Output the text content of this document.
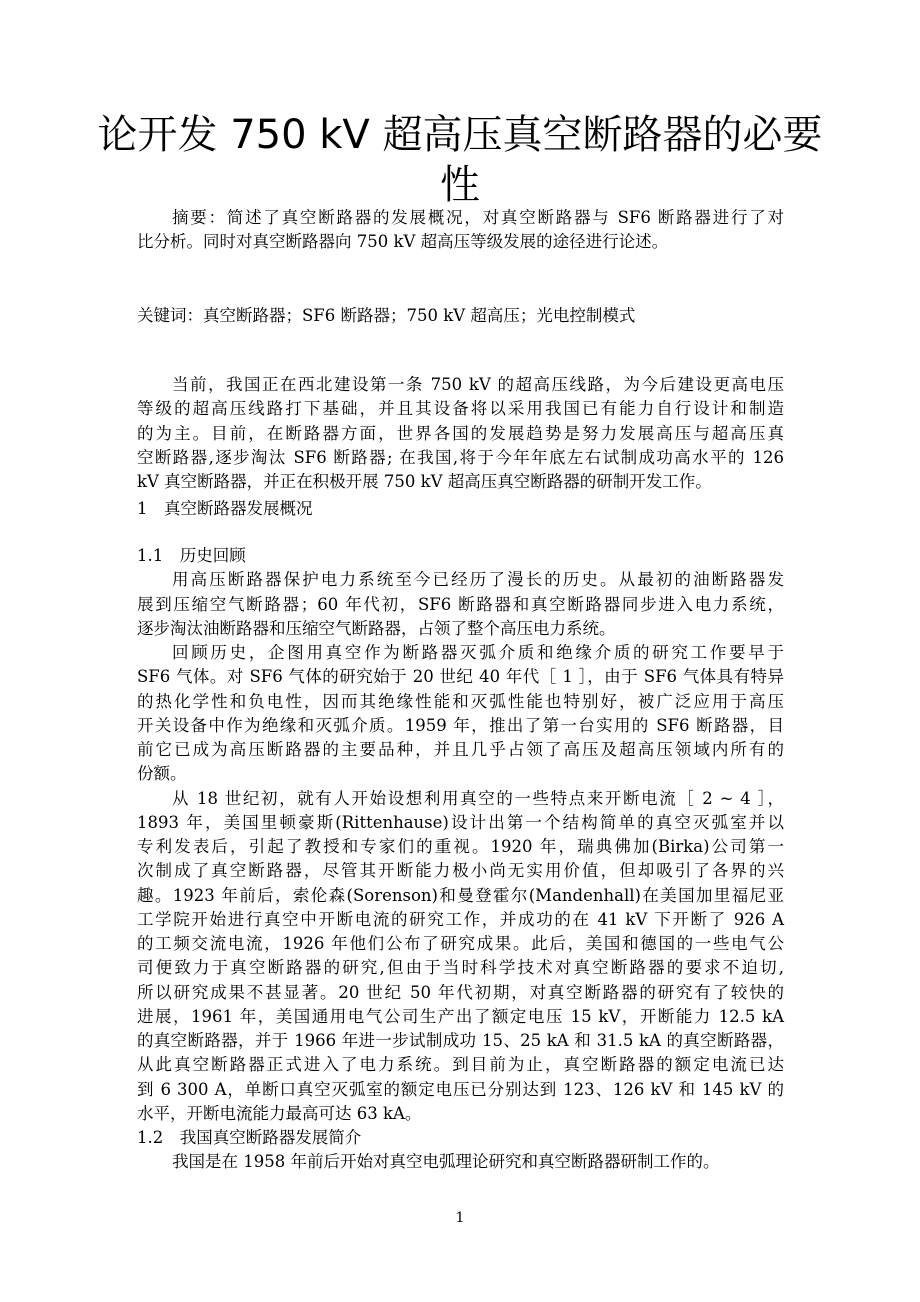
论开发 750 kV 超高压真空断路器的必要
性
摘要：简述了真空断路器的发展概况，对真空断路器与 SF6 断路器进行了对
比分析。同时对真空断路器向 750 kV 超高压等级发展的途径进行论述。
关键词：真空断路器；SF6 断路器；750 kV 超高压；光电控制模式
当前，我国正在西北建设第一条 750 kV 的超高压线路，为今后建设更高电压
等级的超高压线路打下基础，并且其设备将以采用我国已有能力自行设计和制造
的为主。目前，在断路器方面，世界各国的发展趋势是努力发展高压与超高压真
空断路器,逐步淘汰 SF6 断路器; 在我国,将于今年年底左右试制成功高水平的 126
kV 真空断路器，并正在积极开展 750 kV 超高压真空断路器的研制开发工作。
1　真空断路器发展概况
1.1　历史回顾
用高压断路器保护电力系统至今已经历了漫长的历史。从最初的油断路器发
展到压缩空气断路器；60 年代初，SF6 断路器和真空断路器同步进入电力系统，
逐步淘汰油断路器和压缩空气断路器，占领了整个高压电力系统。
回顾历史，企图用真空作为断路器灭弧介质和绝缘介质的研究工作要早于
SF6 气体。对 SF6 气体的研究始于 20 世纪 40 年代［ 1 ］，由于 SF6 气体具有特异
的热化学性和负电性，因而其绝缘性能和灭弧性能也特别好，被广泛应用于高压
开关设备中作为绝缘和灭弧介质。1959 年，推出了第一台实用的 SF6 断路器，目
前它已成为高压断路器的主要品种，并且几乎占领了高压及超高压领域内所有的
份额。
从 18 世纪初，就有人开始设想利用真空的一些特点来开断电流［ 2 ~ 4 ］，
1893 年，美国里顿豪斯(Rittenhause)设计出第一个结构简单的真空灭弧室并以
专利发表后，引起了教授和专家们的重视。1920 年，瑞典佛加(Birka)公司第一
次制成了真空断路器，尽管其开断能力极小尚无实用价值，但却吸引了各界的兴
趣。1923 年前后，索伦森(Sorenson)和曼登霍尔(Mandenhall)在美国加里福尼亚
工学院开始进行真空中开断电流的研究工作，并成功的在 41 kV 下开断了 926 A
的工频交流电流，1926 年他们公布了研究成果。此后，美国和德国的一些电气公
司便致力于真空断路器的研究,但由于当时科学技术对真空断路器的要求不迫切,
所以研究成果不甚显著。20 世纪 50 年代初期，对真空断路器的研究有了较快的
进展，1961 年，美国通用电气公司生产出了额定电压 15 kV，开断能力 12.5 kA
的真空断路器，并于 1966 年进一步试制成功 15、25 kA 和 31.5 kA 的真空断路器，
从此真空断路器正式进入了电力系统。到目前为止，真空断路器的额定电流已达
到 6 300 A，单断口真空灭弧室的额定电压已分别达到 123、126 kV 和 145 kV 的
水平，开断电流能力最高可达 63 kA。
1.2　我国真空断路器发展简介
我国是在 1958 年前后开始对真空电弧理论研究和真空断路器研制工作的。
1
